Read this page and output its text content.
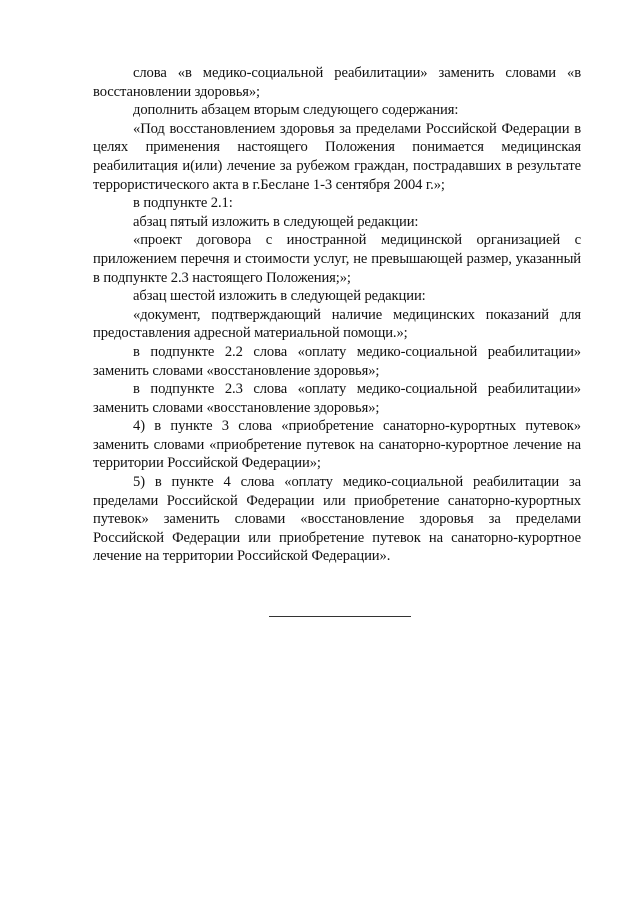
слова «в медико-социальной реабилитации» заменить словами «в восстановлении здоровья»;

дополнить абзацем вторым следующего содержания:

«Под восстановлением здоровья за пределами Российской Федерации в целях применения настоящего Положения понимается медицинская реабилитация и(или) лечение за рубежом граждан, пострадавших в результате террористического акта в г.Беслане 1-3 сентября 2004 г.»;

в подпункте 2.1:

абзац пятый изложить в следующей редакции:

«проект договора с иностранной медицинской организацией с приложением перечня и стоимости услуг, не превышающей размер, указанный в подпункте 2.3 настоящего Положения;»;

абзац шестой изложить в следующей редакции:

«документ, подтверждающий наличие медицинских показаний для предоставления адресной материальной помощи.»;

в подпункте 2.2 слова «оплату медико-социальной реабилитации» заменить словами «восстановление здоровья»;

в подпункте 2.3 слова «оплату медико-социальной реабилитации» заменить словами «восстановление здоровья»;

4) в пункте 3 слова «приобретение санаторно-курортных путевок» заменить словами «приобретение путевок на санаторно-курортное лечение на территории Российской Федерации»;

5) в пункте 4 слова «оплату медико-социальной реабилитации за пределами Российской Федерации или приобретение санаторно-курортных путевок» заменить словами «восстановление здоровья за пределами Российской Федерации или приобретение путевок на санаторно-курортное лечение на территории Российской Федерации».
